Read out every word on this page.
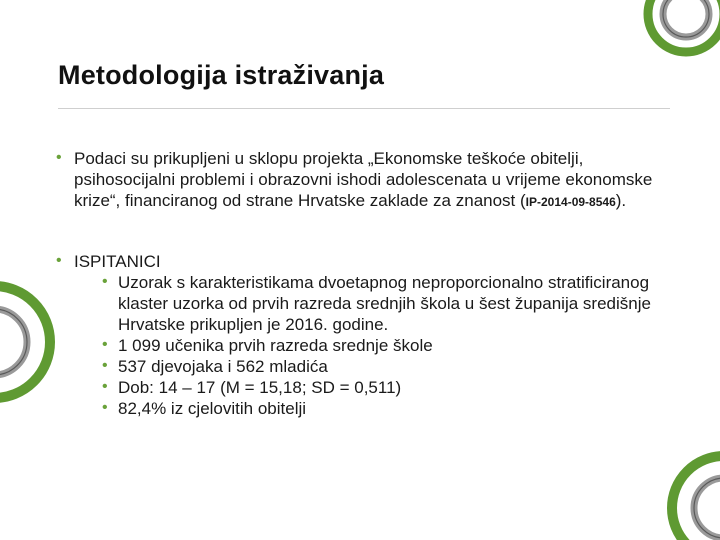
Metodologija istraživanja
• Podaci su prikupljeni u sklopu projekta „Ekonomske teškoće obitelji, psihosocijalni problemi i obrazovni ishodi adolescenata u vrijeme ekonomske krize“, financiranog od strane Hrvatske zaklade za znanost (IP-2014-09-8546).
• ISPITANICI
• Uzorak s karakteristikama dvoetapnog neproporcionalno stratificiranog klaster uzorka od prvih razreda srednjih škola u šest županija središnje Hrvatske prikupljen je 2016. godine.
• 1 099 učenika prvih razreda srednje škole
• 537 djevojaka i 562 mladića
• Dob: 14 – 17 (M = 15,18; SD = 0,511)
• 82,4% iz cjelovitih obitelji
